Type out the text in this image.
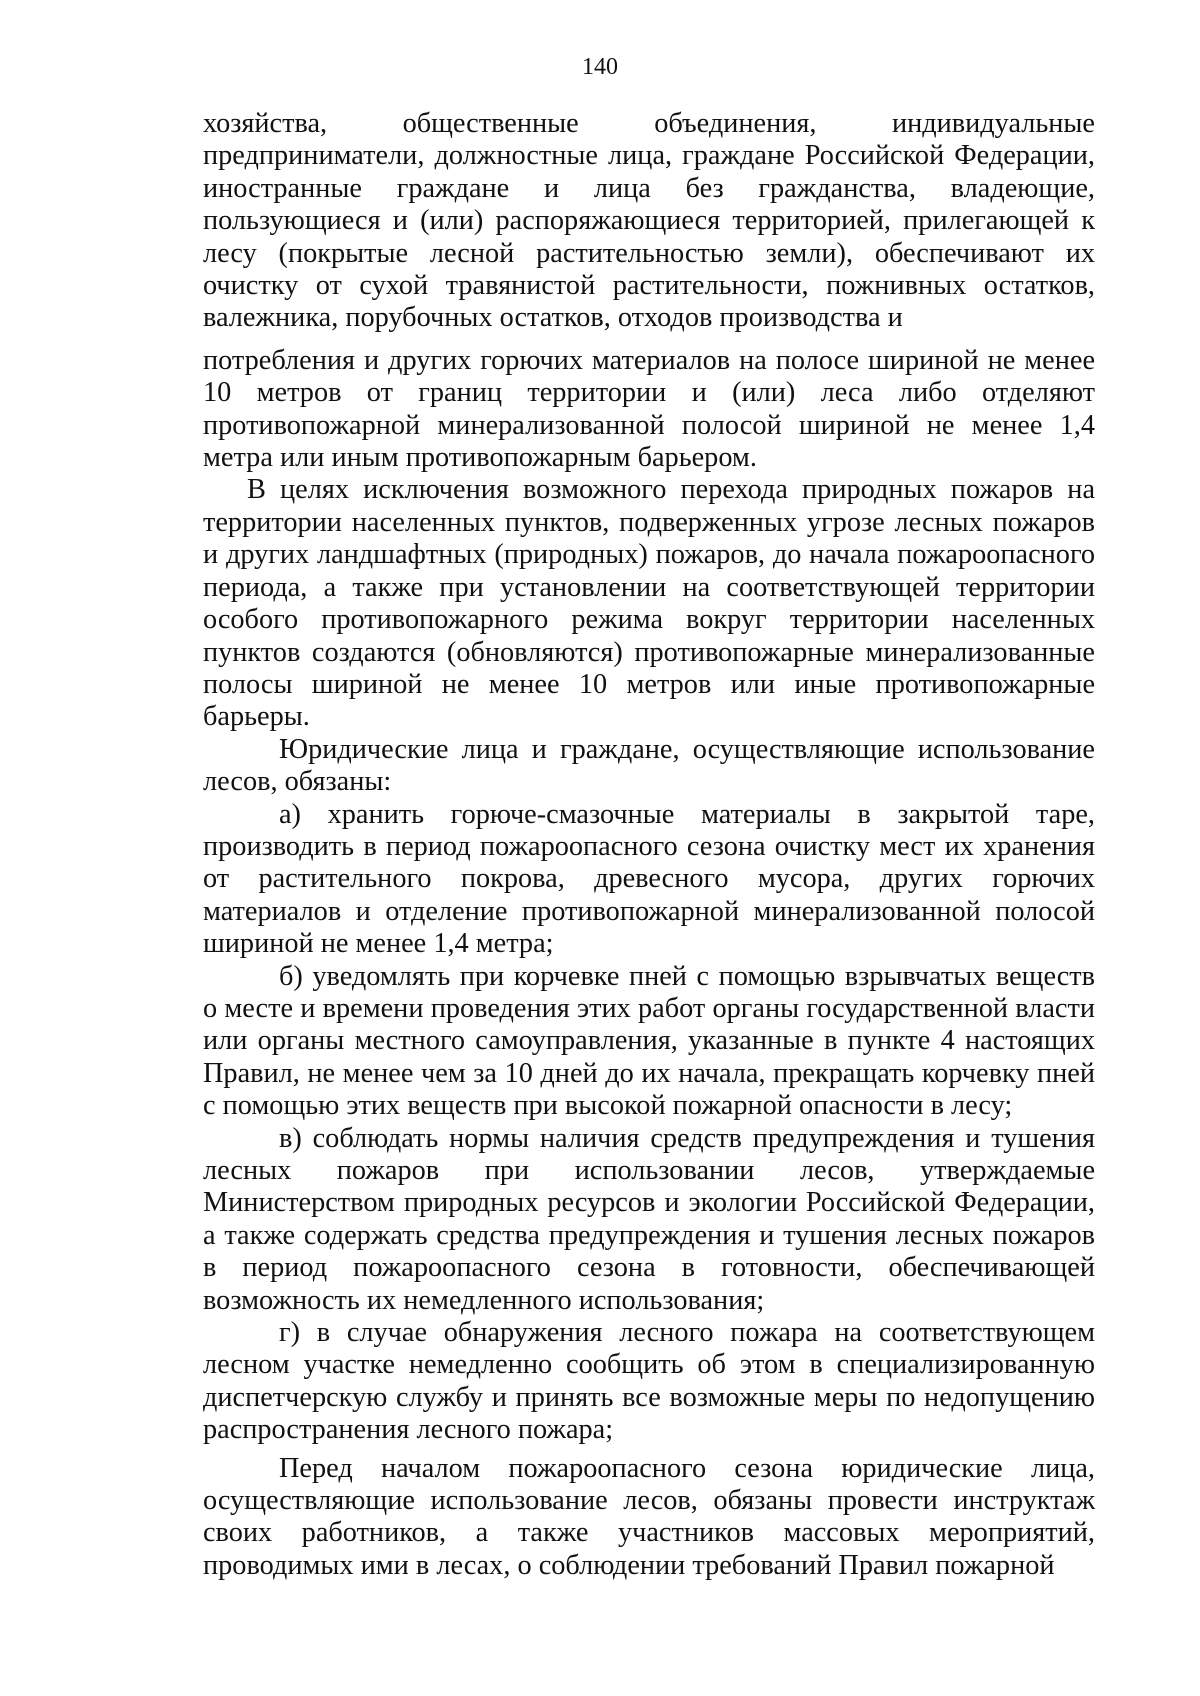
140

хозяйства, общественные объединения, индивидуальные предприниматели, должностные лица, граждане Российской Федерации, иностранные граждане и лица без гражданства, владеющие, пользующиеся и (или) распоряжающиеся территорией, прилегающей к лесу (покрытые лесной растительностью земли), обеспечивают их очистку от сухой травянистой растительности, пожнивных остатков, валежника, порубочных остатков, отходов производства и

потребления и других горючих материалов на полосе шириной не менее 10 метров от границ территории и (или) леса либо отделяют противопожарной минерализованной полосой шириной не менее 1,4 метра или иным противопожарным барьером.

В целях исключения возможного перехода природных пожаров на территории населенных пунктов, подверженных угрозе лесных пожаров и других ландшафтных (природных) пожаров, до начала пожароопасного периода, а также при установлении на соответствующей территории особого противопожарного режима вокруг территории населенных пунктов создаются (обновляются) противопожарные минерализованные полосы шириной не менее 10 метров или иные противопожарные барьеры.

Юридические лица и граждане, осуществляющие использование лесов, обязаны:

а) хранить горюче-смазочные материалы в закрытой таре, производить в период пожароопасного сезона очистку мест их хранения от растительного покрова, древесного мусора, других горючих материалов и отделение противопожарной минерализованной полосой шириной не менее 1,4 метра;

б) уведомлять при корчевке пней с помощью взрывчатых веществ о месте и времени проведения этих работ органы государственной власти или органы местного самоуправления, указанные в пункте 4 настоящих Правил, не менее чем за 10 дней до их начала, прекращать корчевку пней с помощью этих веществ при высокой пожарной опасности в лесу;

в) соблюдать нормы наличия средств предупреждения и тушения лесных пожаров при использовании лесов, утверждаемые Министерством природных ресурсов и экологии Российской Федерации, а также содержать средства предупреждения и тушения лесных пожаров в период пожароопасного сезона в готовности, обеспечивающей возможность их немедленного использования;

г) в случае обнаружения лесного пожара на соответствующем лесном участке немедленно сообщить об этом в специализированную диспетчерскую службу и принять все возможные меры по недопущению распространения лесного пожара;

Перед началом пожароопасного сезона юридические лица, осуществляющие использование лесов, обязаны провести инструктаж своих работников, а также участников массовых мероприятий, проводимых ими в лесах, о соблюдении требований Правил пожарной
